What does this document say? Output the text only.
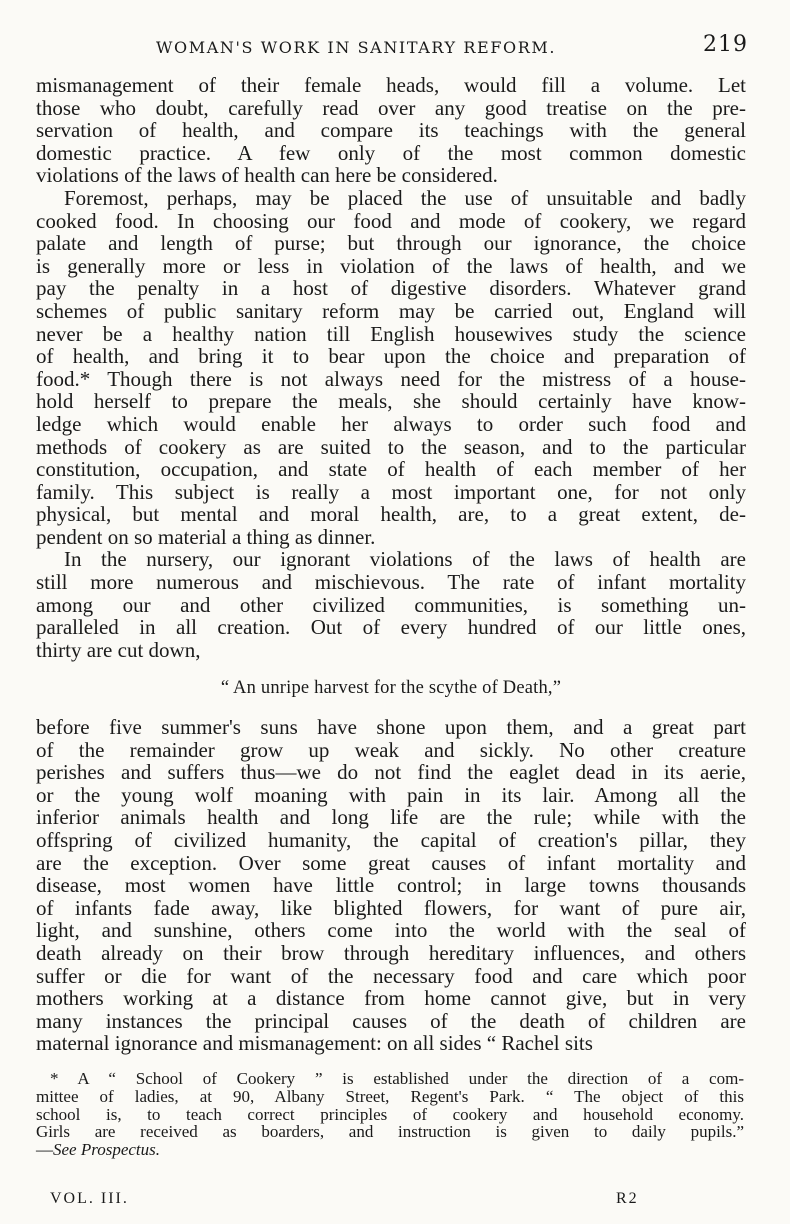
WOMAN'S WORK IN SANITARY REFORM.	219

mismanagement of their female heads, would fill a volume. Let
those who doubt, carefully read over any good treatise on the pre-
servation of health, and compare its teachings with the general
domestic practice. A few only of the most common domestic
violations of the laws of health can here be considered.

Foremost, perhaps, may be placed the use of unsuitable and badly
cooked food. In choosing our food and mode of cookery, we regard
palate and length of purse; but through our ignorance, the choice
is generally more or less in violation of the laws of health, and we
pay the penalty in a host of digestive disorders. Whatever grand
schemes of public sanitary reform may be carried out, England will
never be a healthy nation till English housewives study the science
of health, and bring it to bear upon the choice and preparation of
food.* Though there is not always need for the mistress of a house-
hold herself to prepare the meals, she should certainly have know-
ledge which would enable her always to order such food and
methods of cookery as are suited to the season, and to the particular
constitution, occupation, and state of health of each member of her
family. This subject is really a most important one, for not only
physical, but mental and moral health, are, to a great extent, de-
pendent on so material a thing as dinner.

In the nursery, our ignorant violations of the laws of health are
still more numerous and mischievous. The rate of infant mortality
among our and other civilized communities, is something un-
paralleled in all creation. Out of every hundred of our little ones,
thirty are cut down,

“ An unripe harvest for the scythe of Death,”

before five summer's suns have shone upon them, and a great part
of the remainder grow up weak and sickly. No other creature
perishes and suffers thus—we do not find the eaglet dead in its aerie,
or the young wolf moaning with pain in its lair. Among all the
inferior animals health and long life are the rule; while with the
offspring of civilized humanity, the capital of creation's pillar, they
are the exception. Over some great causes of infant mortality and
disease, most women have little control; in large towns thousands
of infants fade away, like blighted flowers, for want of pure air,
light, and sunshine, others come into the world with the seal of
death already on their brow through hereditary influences, and others
suffer or die for want of the necessary food and care which poor
mothers working at a distance from home cannot give, but in very
many instances the principal causes of the death of children are
maternal ignorance and mismanagement: on all sides “ Rachel sits

* A “ School of Cookery ” is established under the direction of a com-
mittee of ladies, at 90, Albany Street, Regent's Park. “ The object of this
school is, to teach correct principles of cookery and household economy.
Girls are received as boarders, and instruction is given to daily pupils.”
—See Prospectus.
VOL. III.	R2
